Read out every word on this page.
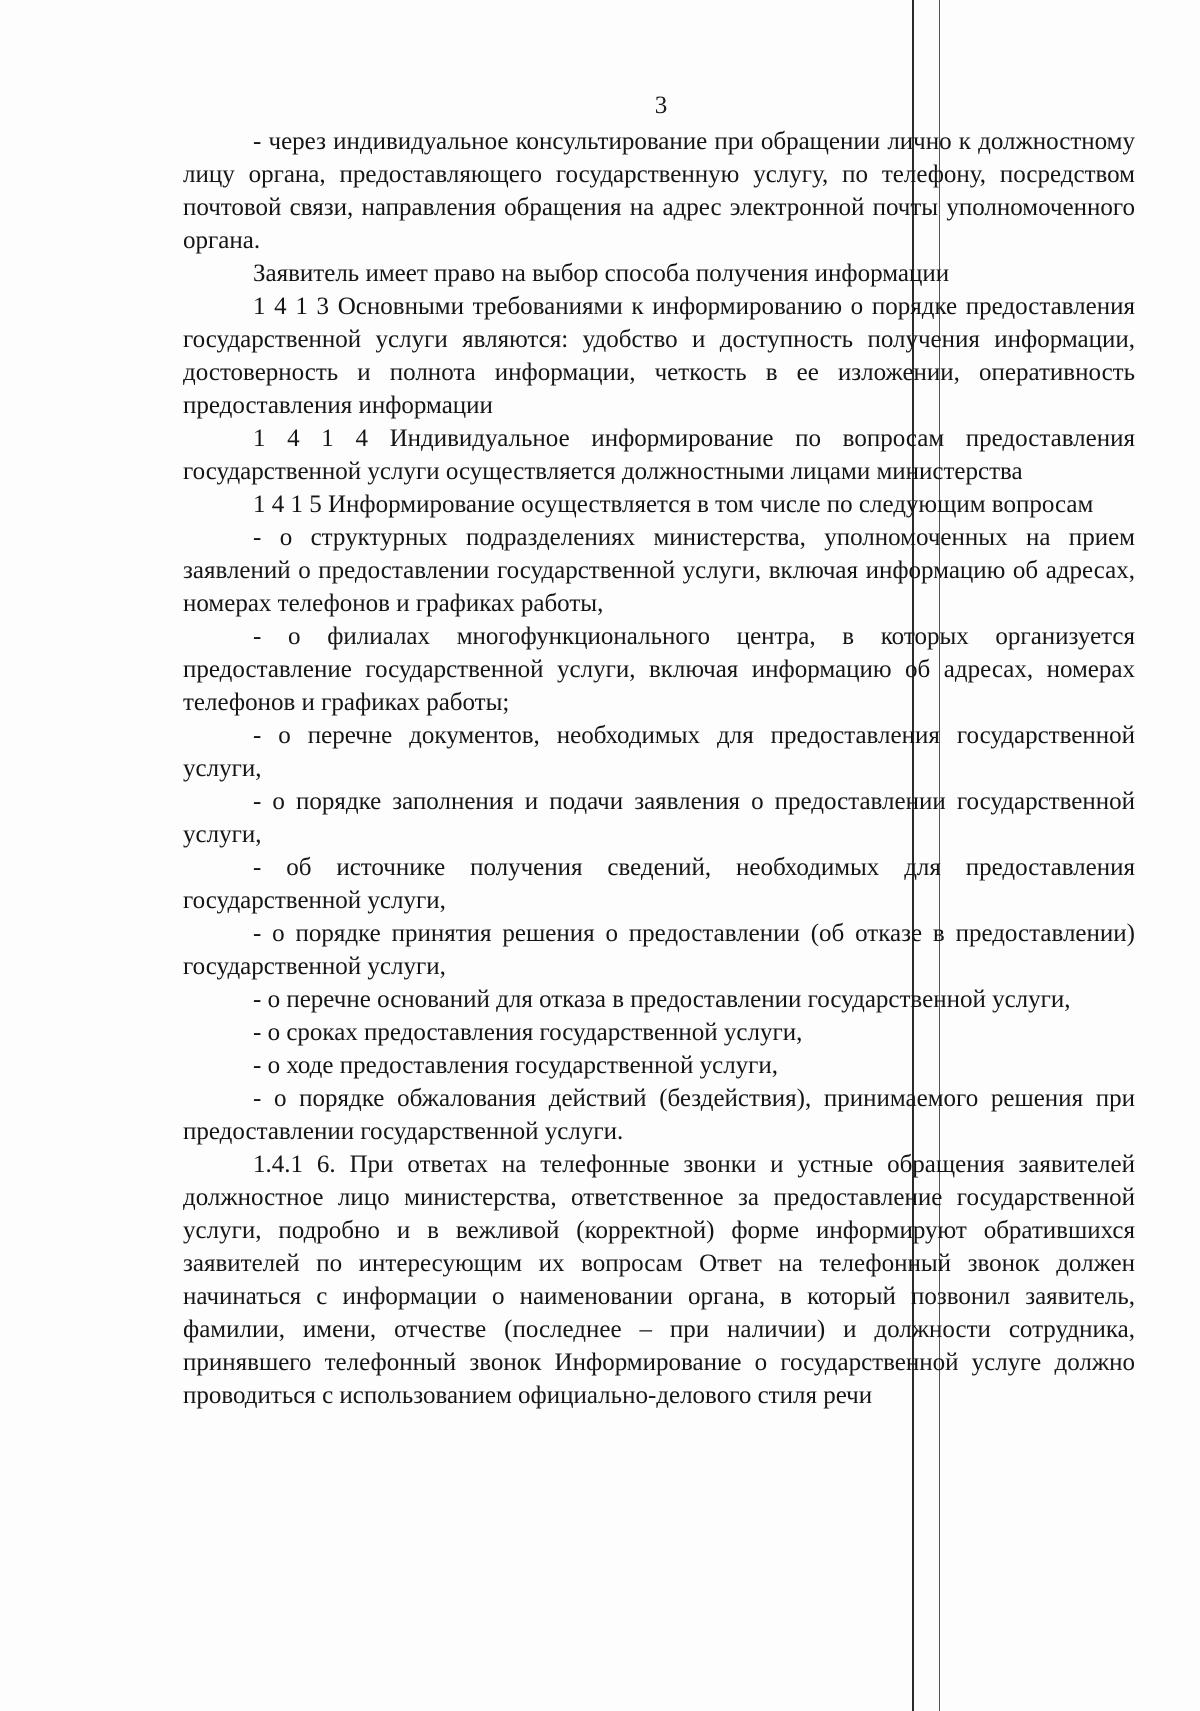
3

- через индивидуальное консультирование при обращении лично к должностному лицу органа, предоставляющего государственную услугу, по телефону, посредством почтовой связи, направления обращения на адрес электронной почты уполномоченного органа.

Заявитель имеет право на выбор способа получения информации

1 4 1 3 Основными требованиями к информированию о порядке предоставления государственной услуги являются: удобство и доступность получения информации, достоверность и полнота информации, четкость в ее изложении, оперативность предоставления информации

1 4 1 4 Индивидуальное информирование по вопросам предоставления государственной услуги осуществляется должностными лицами министерства

1 4 1 5 Информирование осуществляется в том числе по следующим вопросам

- о структурных подразделениях министерства, уполномоченных на прием заявлений о предоставлении государственной услуги, включая информацию об адресах, номерах телефонов и графиках работы,

- о филиалах многофункционального центра, в которых организуется предоставление государственной услуги, включая информацию об адресах, номерах телефонов и графиках работы;

- о перечне документов, необходимых для предоставления государственной услуги,

- о порядке заполнения и подачи заявления о предоставлении государственной услуги,

- об источнике получения сведений, необходимых для предоставления государственной услуги,

- о порядке принятия решения о предоставлении (об отказе в предоставлении) государственной услуги,

- о перечне оснований для отказа в предоставлении государственной услуги,

- о сроках предоставления государственной услуги,

- о ходе предоставления государственной услуги,

- о порядке обжалования действий (бездействия), принимаемого решения при предоставлении государственной услуги.

1.4.1 6. При ответах на телефонные звонки и устные обращения заявителей должностное лицо министерства, ответственное за предоставление государственной услуги, подробно и в вежливой (корректной) форме информируют обратившихся заявителей по интересующим их вопросам Ответ на телефонный звонок должен начинаться с информации о наименовании органа, в который позвонил заявитель, фамилии, имени, отчестве (последнее – при наличии) и должности сотрудника, принявшего телефонный звонок Информирование о государственной услуге должно проводиться с использованием официально-делового стиля речи
